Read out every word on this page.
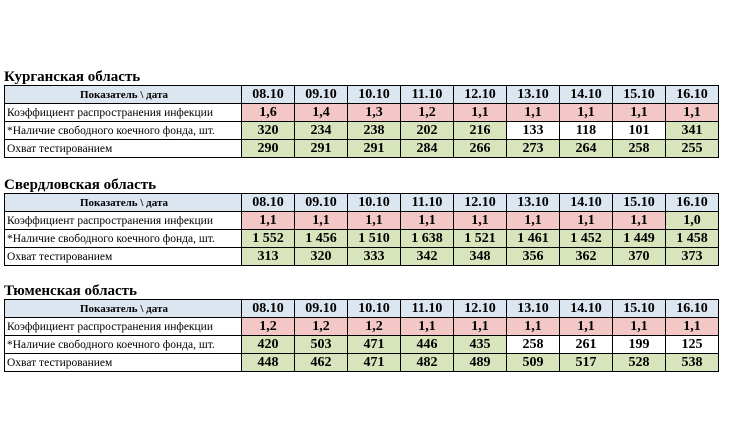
Курганская область
Показатель \ дата	08.10	09.10	10.10	11.10	12.10	13.10	14.10	15.10	16.10
Коэффициент распространения инфекции	1,6	1,4	1,3	1,2	1,1	1,1	1,1	1,1	1,1
*Наличие свободного коечного фонда, шт.	320	234	238	202	216	133	118	101	341
Охват тестированием	290	291	291	284	266	273	264	258	255
Свердловская область
Показатель \ дата	08.10	09.10	10.10	11.10	12.10	13.10	14.10	15.10	16.10
Коэффициент распространения инфекции	1,1	1,1	1,1	1,1	1,1	1,1	1,1	1,1	1,0
*Наличие свободного коечного фонда, шт.	1 552	1 456	1 510	1 638	1 521	1 461	1 452	1 449	1 458
Охват тестированием	313	320	333	342	348	356	362	370	373
Тюменская область
Показатель \ дата	08.10	09.10	10.10	11.10	12.10	13.10	14.10	15.10	16.10
Коэффициент распространения инфекции	1,2	1,2	1,2	1,1	1,1	1,1	1,1	1,1	1,1
*Наличие свободного коечного фонда, шт.	420	503	471	446	435	258	261	199	125
Охват тестированием	448	462	471	482	489	509	517	528	538
